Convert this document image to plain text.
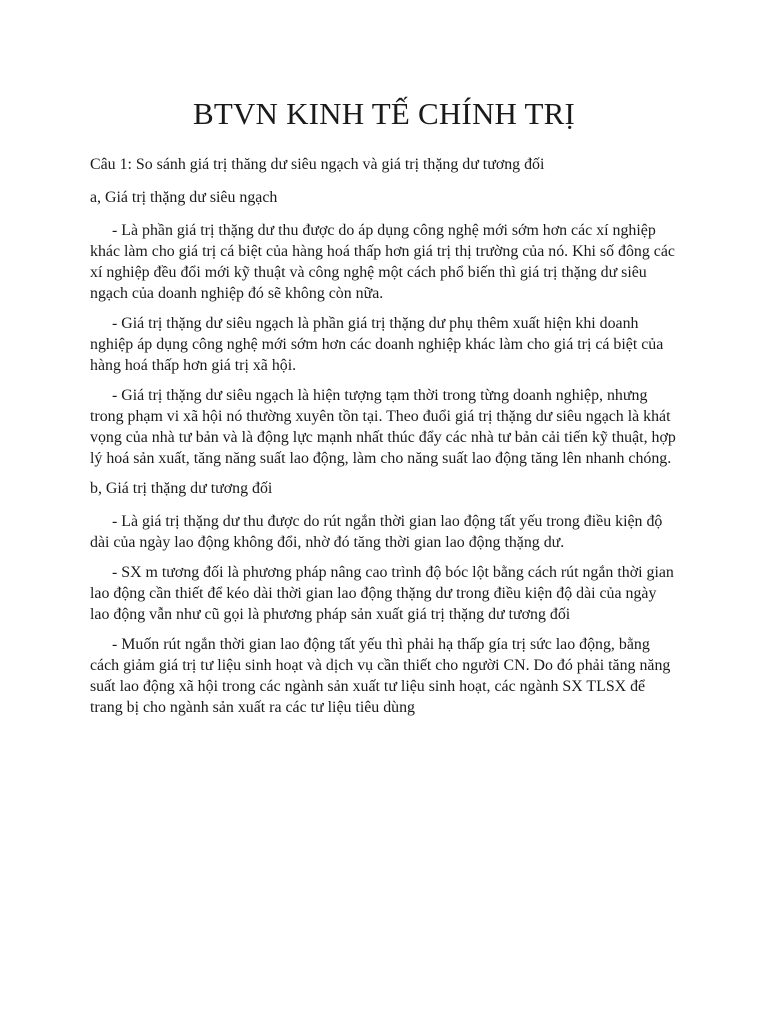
BTVN KINH TẾ CHÍNH TRỊ
Câu 1: So sánh giá trị thăng dư siêu ngạch và giá trị thặng dư tương đối
a, Giá trị thặng dư siêu ngạch

- Là phần giá trị thặng dư thu được do áp dụng công nghệ mới sớm hơn các xí nghiệp khác làm cho giá trị cá biệt của hàng hoá thấp hơn giá trị thị trường của nó. Khi số đông các xí nghiệp đều đổi mới kỹ thuật và công nghệ một cách phổ biến thì giá trị thặng dư siêu ngạch của doanh nghiệp đó sẽ không còn nữa.

- Giá trị thặng dư siêu ngạch là phần giá trị thặng dư phụ thêm xuất hiện khi doanh nghiệp áp dụng công nghệ mới sớm hơn các doanh nghiệp khác làm cho giá trị cá biệt của hàng hoá thấp hơn giá trị xã hội.

- Giá trị thặng dư siêu ngạch là hiện tượng tạm thời trong từng doanh nghiệp, nhưng trong phạm vi xã hội nó thường xuyên tồn tại. Theo đuổi giá trị thặng dư siêu ngạch là khát vọng của nhà tư bản và là động lực mạnh nhất thúc đẩy các nhà tư bản cải tiến kỹ thuật, hợp lý hoá sản xuất, tăng năng suất lao động, làm cho năng suất lao động tăng lên nhanh chóng.

b, Giá trị thặng dư tương đối

- Là giá trị thặng dư thu được do rút ngắn thời gian lao động tất yếu trong điều kiện độ dài của ngày lao động không đổi, nhờ đó tăng thời gian lao động thặng dư.

- SX m tương đối là phương pháp nâng cao trình độ bóc lột bằng cách rút ngắn thời gian lao động cần thiết để kéo dài thời gian lao động thặng dư trong điều kiện độ dài của ngày lao động vẫn như cũ gọi là phương pháp sản xuất giá trị thặng dư tương đối

- Muốn rút ngắn thời gian lao động tất yếu thì phải hạ thấp gía trị sức lao động, bằng cách giảm giá trị tư liệu sinh hoạt và dịch vụ cần thiết cho người CN. Do đó phải tăng năng suất lao động xã hội trong các ngành sản xuất tư liệu sinh hoạt, các ngành SX TLSX để trang bị cho ngành sản xuất ra các tư liệu tiêu dùng
